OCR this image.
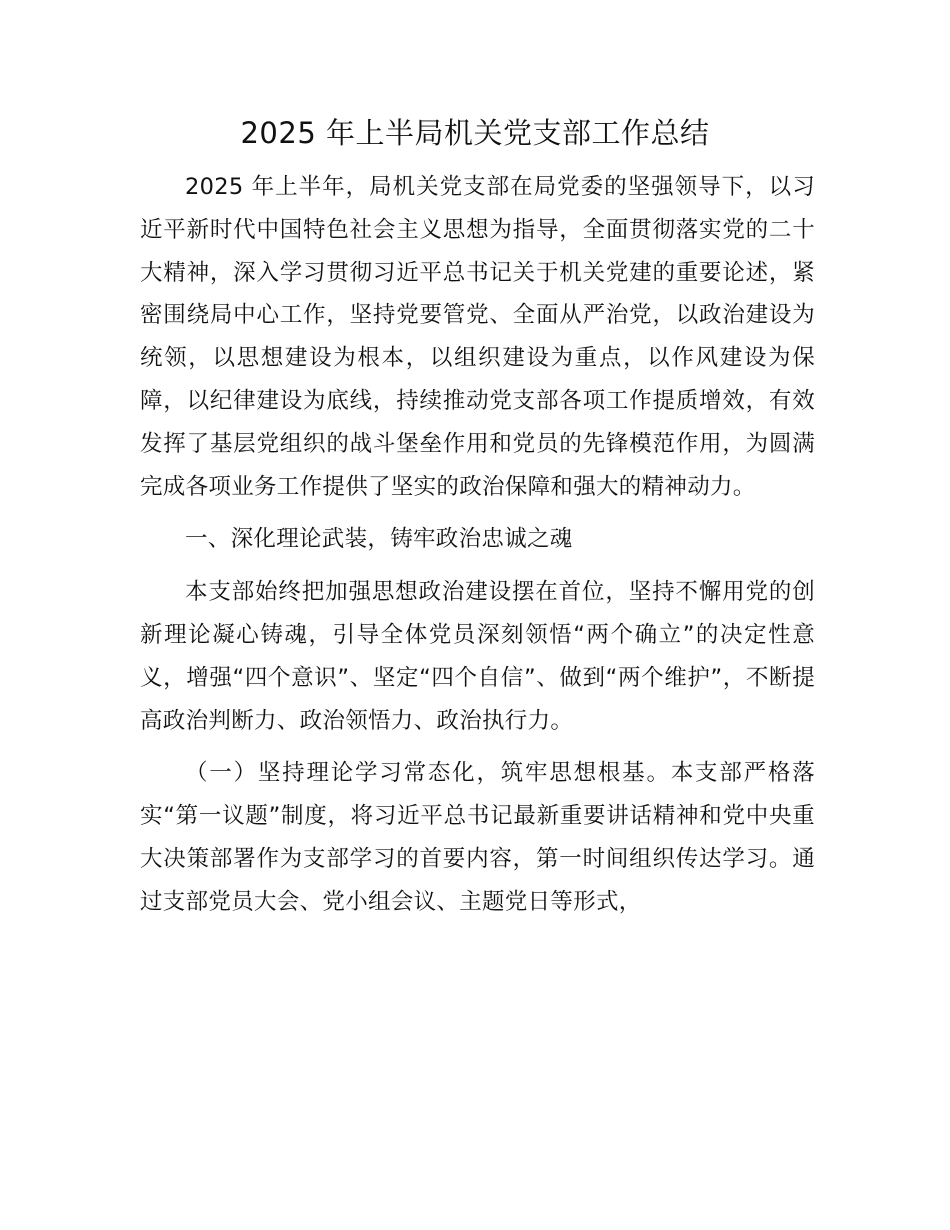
2025 年上半局机关党支部工作总结

2025 年上半年，局机关党支部在局党委的坚强领导下，以习近平新时代中国特色社会主义思想为指导，全面贯彻落实党的二十大精神，深入学习贯彻习近平总书记关于机关党建的重要论述，紧密围绕局中心工作，坚持党要管党、全面从严治党，以政治建设为统领，以思想建设为根本，以组织建设为重点，以作风建设为保障，以纪律建设为底线，持续推动党支部各项工作提质增效，有效发挥了基层党组织的战斗堡垒作用和党员的先锋模范作用，为圆满完成各项业务工作提供了坚实的政治保障和强大的精神动力。

一、深化理论武装，铸牢政治忠诚之魂

本支部始终把加强思想政治建设摆在首位，坚持不懈用党的创新理论凝心铸魂，引导全体党员深刻领悟“两个确立”的决定性意义，增强“四个意识”、坚定“四个自信”、做到“两个维护”，不断提高政治判断力、政治领悟力、政治执行力。

（一）坚持理论学习常态化，筑牢思想根基。本支部严格落实“第一议题”制度，将习近平总书记最新重要讲话精神和党中央重大决策部署作为支部学习的首要内容，第一时间组织传达学习。通过支部党员大会、党小组会议、主题党日等形式，
